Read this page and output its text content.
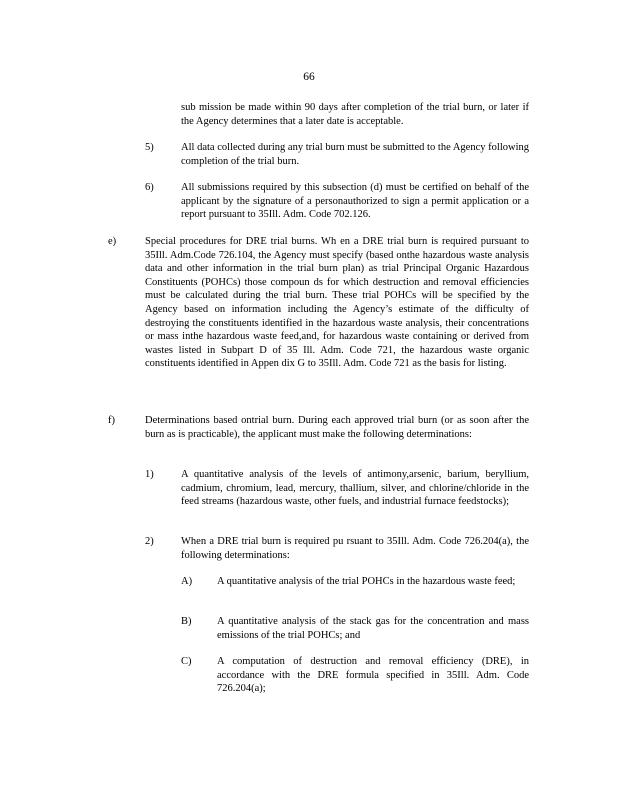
66
sub mission be made within 90 days after completion of the trial burn, or later if the Agency determines that a later date is acceptable.
5)	All data collected during any trial burn must be submitted to the Agency following completion of the trial burn.
6)	All submissions required by this subsection (d) must be certified on behalf of the applicant by the signature of a personauthorized to sign a permit application or a report pursuant to 35Ill. Adm. Code 702.126.
e)	Special procedures for DRE trial burns. Wh en a DRE trial burn is required pursuant to 35Ill. Adm.Code 726.104, the Agency must specify (based onthe hazardous waste analysis data and other information in the trial burn plan) as trial Principal Organic Hazardous Constituents (POHCs) those compoun ds for which destruction and removal efficiencies must be calculated during the trial burn. These trial POHCs will be specified by the Agency based on information including the Agency’s estimate of the difficulty of destroying the constituents identified in the hazardous waste analysis, their concentrations or mass inthe hazardous waste feed,and, for hazardous waste containing or derived from wastes listed in Subpart D of 35 Ill. Adm. Code 721, the hazardous waste organic constituents identified in Appen dix G to 35Ill. Adm. Code 721 as the basis for listing.
f)	Determinations based ontrial burn. During each approved trial burn (or as soon after the burn as is practicable), the applicant must make the following determinations:
1)	A quantitative analysis of the levels of antimony,arsenic, barium, beryllium, cadmium, chromium, lead, mercury, thallium, silver, and chlorine/chloride in the feed streams (hazardous waste, other fuels, and industrial furnace feedstocks);
2)	When a DRE trial burn is required pu rsuant to 35Ill. Adm. Code 726.204(a), the following determinations:
A) A quantitative analysis of the trial POHCs in the hazardous waste feed;
B) A quantitative analysis of the stack gas for the concentration and mass emissions of the trial POHCs; and
C) A computation of destruction and removal efficiency (DRE), in accordance with the DRE formula specified in 35Ill. Adm. Code 726.204(a);
